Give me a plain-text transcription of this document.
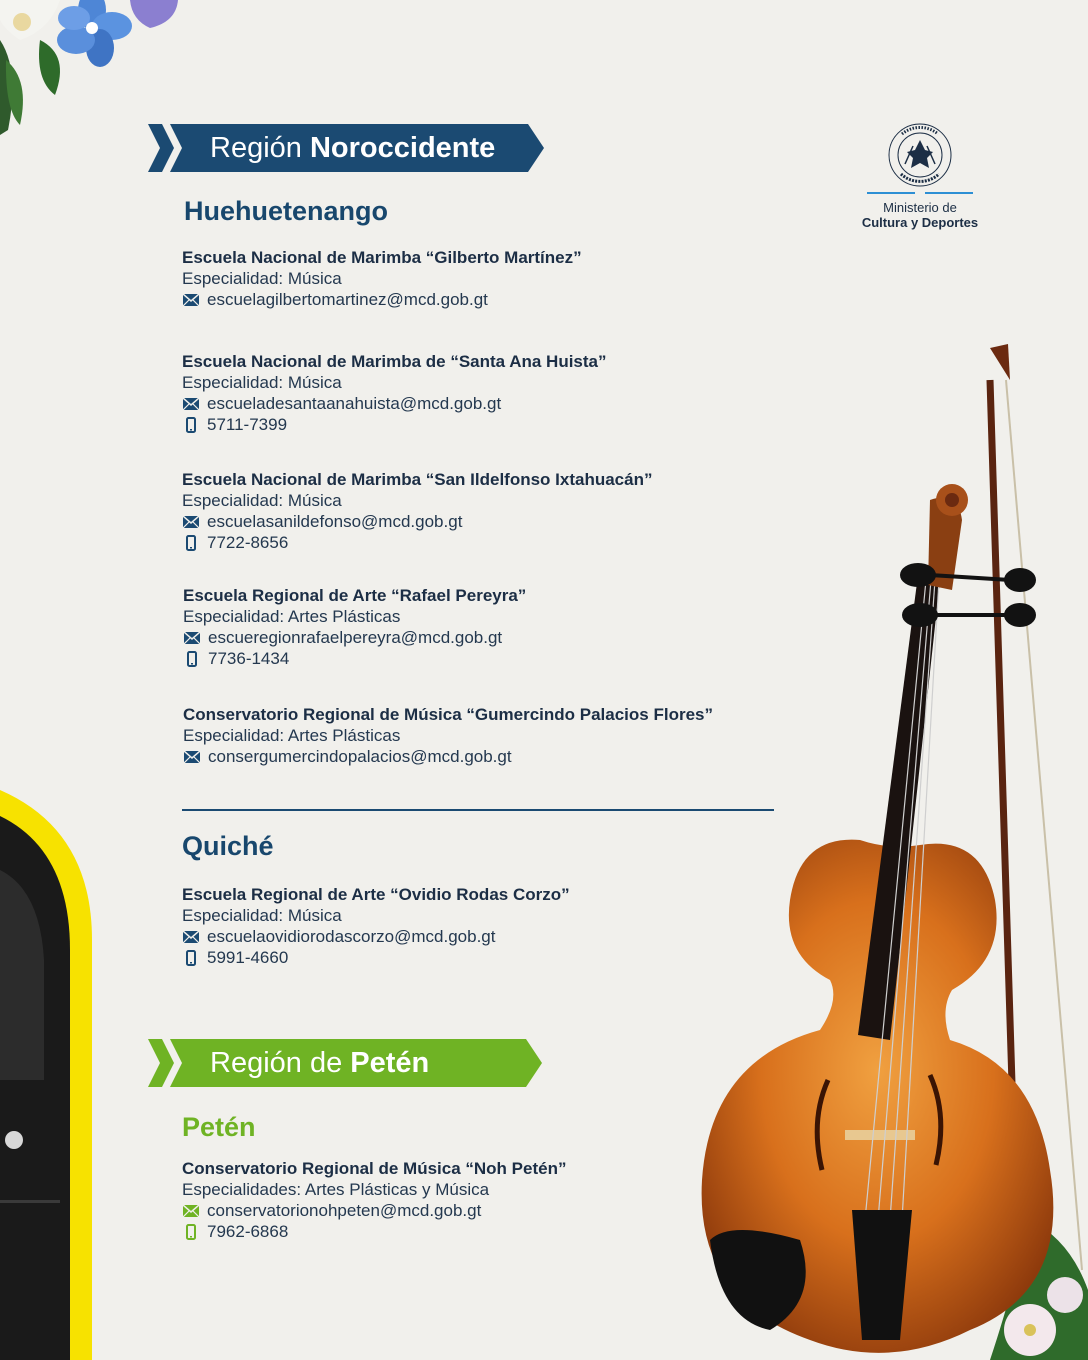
Región Noroccidente
Huehuetenango
Escuela Nacional de Marimba “Gilberto Martínez”
Especialidad: Música
escuelagilbertomartinez@mcd.gob.gt
Escuela Nacional de Marimba de “Santa Ana Huista”
Especialidad: Música
escueladesantaanahuista@mcd.gob.gt
5711-7399
Escuela Nacional de Marimba “San Ildelfonso Ixtahuacán”
Especialidad: Música
escuelasanildefonso@mcd.gob.gt
7722-8656
Escuela Regional de Arte “Rafael Pereyra”
Especialidad: Artes Plásticas
escueregionrafaelpereyra@mcd.gob.gt
7736-1434
Conservatorio Regional de Música “Gumercindo Palacios Flores”
Especialidad: Artes Plásticas
consergumercindopalacios@mcd.gob.gt
Quiché
Escuela Regional de Arte “Ovidio Rodas Corzo”
Especialidad: Música
escuelaovidiorodascorzo@mcd.gob.gt
5991-4660
Región de Petén
Petén
Conservatorio Regional de Música “Noh Petén”
Especialidades: Artes Plásticas y Música
conservatorionohpeten@mcd.gob.gt
7962-6868
Ministerio de
Cultura y Deportes
